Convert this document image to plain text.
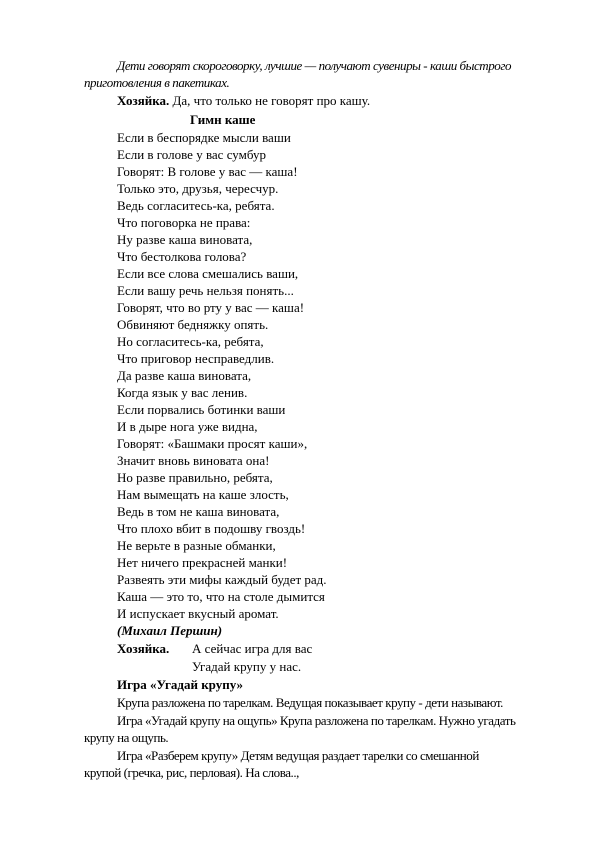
Дети говорят скороговорку, лучшие — получают сувениры - каши быстрого
приготовления в пакетиках.
Хозяйка. Да, что только не говорят про кашу.
Гимн каше
Если в беспорядке мысли ваши
Если в голове у вас сумбур
Говорят: В голове у вас — каша!
Только это, друзья, чересчур.
Ведь согласитесь-ка, ребята.
Что поговорка не права:
Ну разве каша виновата,
Что бестолкова голова?
Если все слова смешались ваши,
Если вашу речь нельзя понять...
Говорят, что во рту у вас — каша!
Обвиняют бедняжку опять.
Но согласитесь-ка, ребята,
Что приговор несправедлив.
Да разве каша виновата,
Когда язык у вас ленив.
Если порвались ботинки ваши
И в дыре нога уже видна,
Говорят: «Башмаки просят каши»,
Значит вновь виновата она!
Но разве правильно, ребята,
Нам вымещать на каше злость,
Ведь в том не каша виновата,
Что плохо вбит в подошву гвоздь!
Не верьте в разные обманки,
Нет ничего прекрасней манки!
Развеять эти мифы каждый будет рад.
Каша — это то, что на столе дымится
И испускает вкусный аромат.
(Михаил Першин)
Хозяйка. А сейчас игра для вас
Угадай крупу у нас.
Игра «Угадай крупу»
Крупа разложена по тарелкам. Ведущая показывает крупу - дети называют.
Игра «Угадай крупу на ощупь» Крупа разложена по тарелкам. Нужно угадать
крупу на ощупь.
Игра «Разберем крупу» Детям ведущая раздает тарелки со смешанной
крупой (гречка, рис, перловая). На слова..,
